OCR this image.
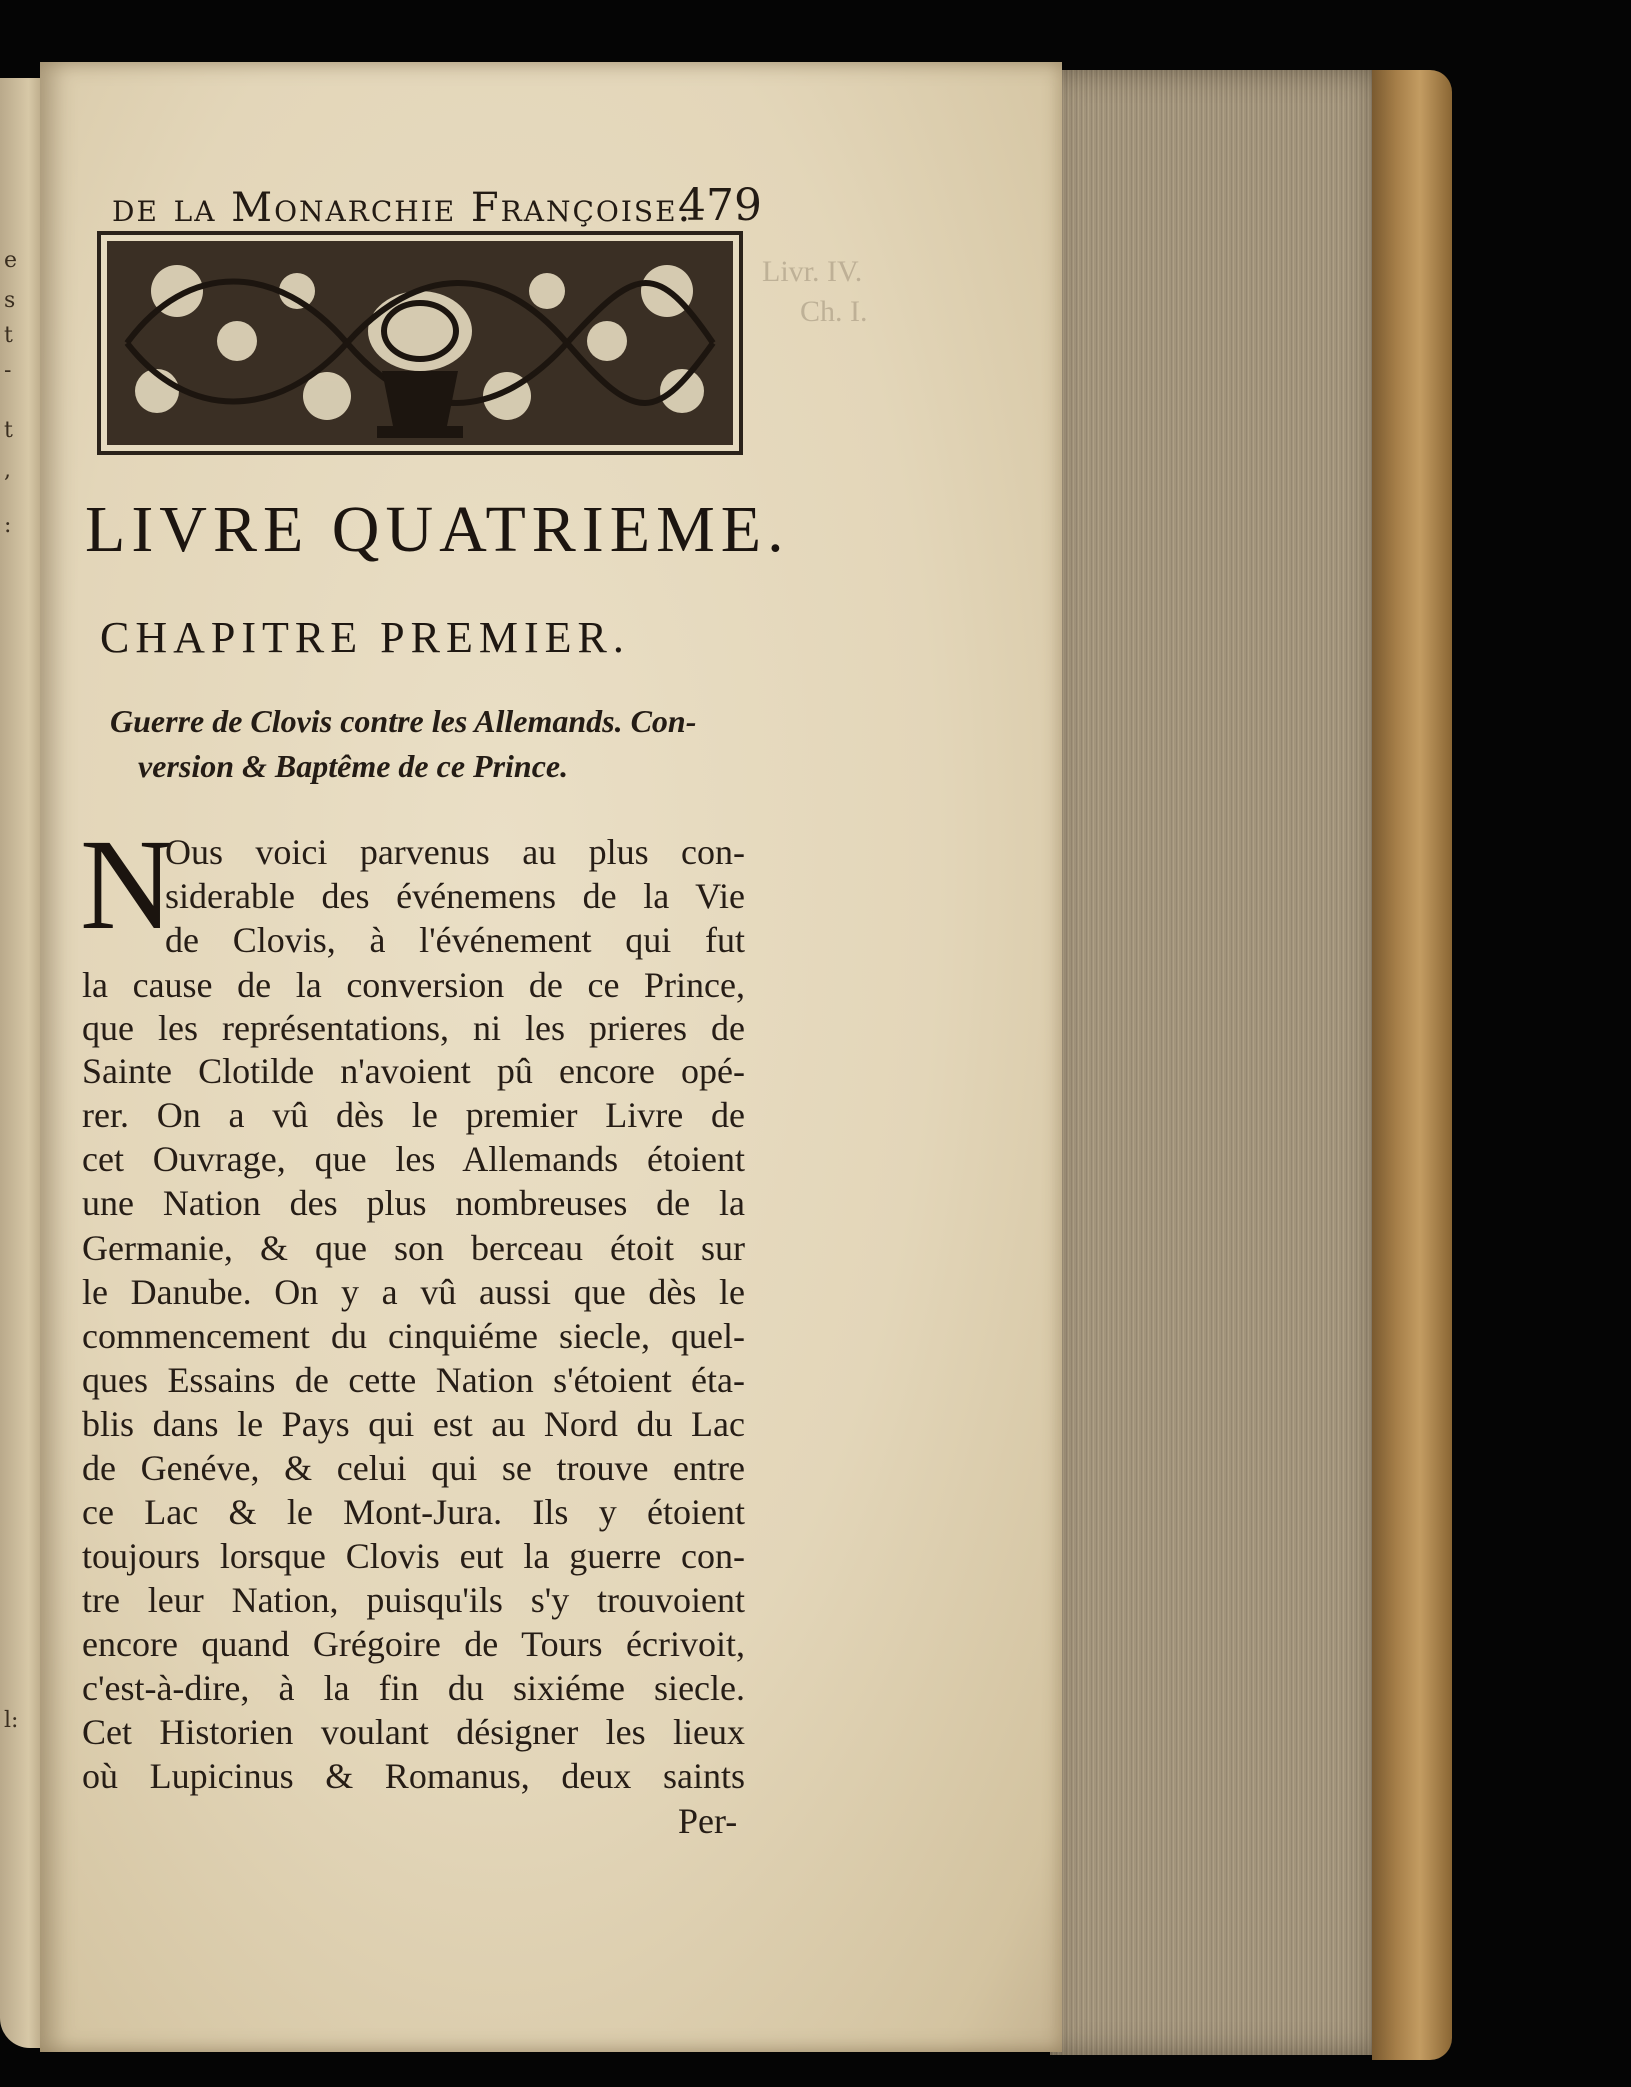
e
s
t
-
t
,
:
l:
Livr. IV.
Ch. I.
de la Monarchie Françoise.
479
LIVRE QUATRIEME.
CHAPITRE PREMIER.
Guerre de Clovis contre les Allemands. Con-
version & Baptême de ce Prince.
N
Ous voici parvenus au plus con-
siderable des événemens de la Vie
de Clovis, à l'événement qui fut
la cause de la conversion de ce Prince,
que les représentations, ni les prieres de
Sainte Clotilde n'avoient pû encore opé-
rer. On a vû dès le premier Livre de
cet Ouvrage, que les Allemands étoient
une Nation des plus nombreuses de la
Germanie, & que son berceau étoit sur
le Danube. On y a vû aussi que dès le
commencement du cinquiéme siecle, quel-
ques Essains de cette Nation s'étoient éta-
blis dans le Pays qui est au Nord du Lac
de Genéve, & celui qui se trouve entre
ce Lac & le Mont-Jura. Ils y étoient
toujours lorsque Clovis eut la guerre con-
tre leur Nation, puisqu'ils s'y trouvoient
encore quand Grégoire de Tours écrivoit,
c'est-à-dire, à la fin du sixiéme siecle.
Cet Historien voulant désigner les lieux
où Lupicinus & Romanus, deux saints
Per-
